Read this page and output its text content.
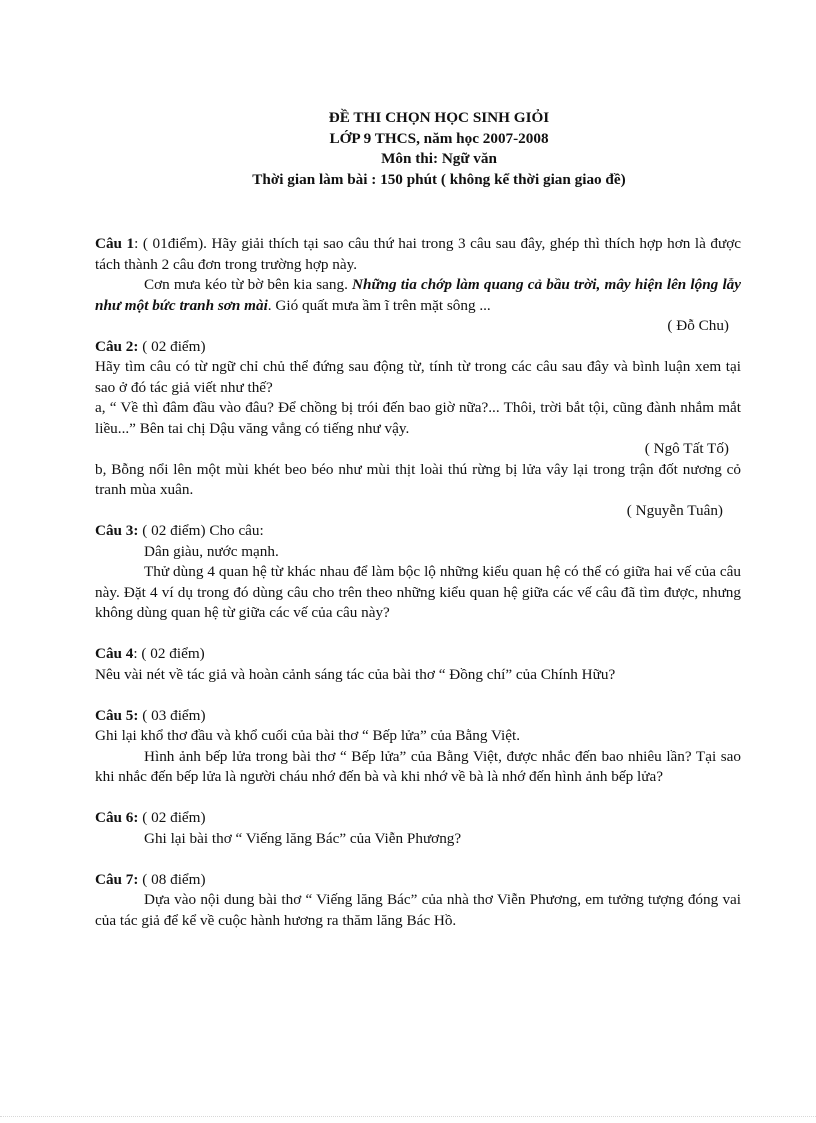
ĐỀ THI CHỌN HỌC SINH GIỎI
LỚP 9 THCS, năm học 2007-2008
Môn thi: Ngữ văn
Thời gian làm bài : 150 phút ( không kể thời gian giao đề)

Câu 1: ( 01điểm). Hãy giải thích tại sao câu thứ hai trong 3 câu sau đây, ghép thì thích hợp hơn là được tách thành 2 câu đơn trong trường hợp này.

Cơn mưa kéo từ bờ bên kia sang. Những tia chớp làm quang cả bầu trời, mây hiện lên lộng lẫy như một bức tranh sơn mài. Gió quất mưa ầm ĩ trên mặt sông ...

( Đỗ Chu)

Câu 2: ( 02 điểm)

Hãy tìm câu có từ ngữ chỉ chủ thể đứng sau động từ, tính từ trong các câu sau đây và bình luận xem tại sao ở đó tác giả viết như thế?

a, “ Về thì đâm đầu vào đâu? Để chồng bị trói đến bao giờ nữa?... Thôi, trời bắt tội, cũng đành nhắm mắt liều...” Bên tai chị Dậu văng vẳng có tiếng như vậy.

( Ngô Tất Tố)

b, Bỗng nổi lên một mùi khét beo béo như mùi thịt loài thú rừng bị lửa vây lại trong trận đốt nương cỏ tranh mùa xuân.

( Nguyễn Tuân)

Câu 3: ( 02 điểm) Cho câu:

Dân giàu, nước mạnh.

Thử dùng 4 quan hệ từ khác nhau để làm bộc lộ những kiểu quan hệ có thể có giữa hai vế của câu này. Đặt 4 ví dụ trong đó dùng câu cho trên theo những kiểu quan hệ giữa các vế câu đã tìm được, nhưng không dùng quan hệ từ giữa các vế của câu này?

Câu 4: ( 02 điểm)

Nêu vài nét về tác giả và hoàn cảnh sáng tác của bài thơ “ Đồng chí” của Chính Hữu?

Câu 5: ( 03 điểm)

Ghi lại khổ thơ đầu và khổ cuối của bài thơ “ Bếp lửa” của Bằng Việt.

Hình ảnh bếp lửa trong bài thơ “ Bếp lửa” của Bằng Việt, được nhắc đến bao nhiêu lần? Tại sao khi nhắc đến bếp lửa là người cháu nhớ đến bà và khi nhớ về bà là nhớ đến hình ảnh bếp lửa?

Câu 6: ( 02 điểm)

Ghi lại bài thơ “ Viếng lăng Bác” của Viễn Phương?

Câu 7: ( 08 điểm)

Dựa vào nội dung bài thơ “ Viếng lăng Bác” của nhà thơ Viễn Phương, em tưởng tượng đóng vai của tác giả để kể về cuộc hành hương ra thăm lăng Bác Hồ.
